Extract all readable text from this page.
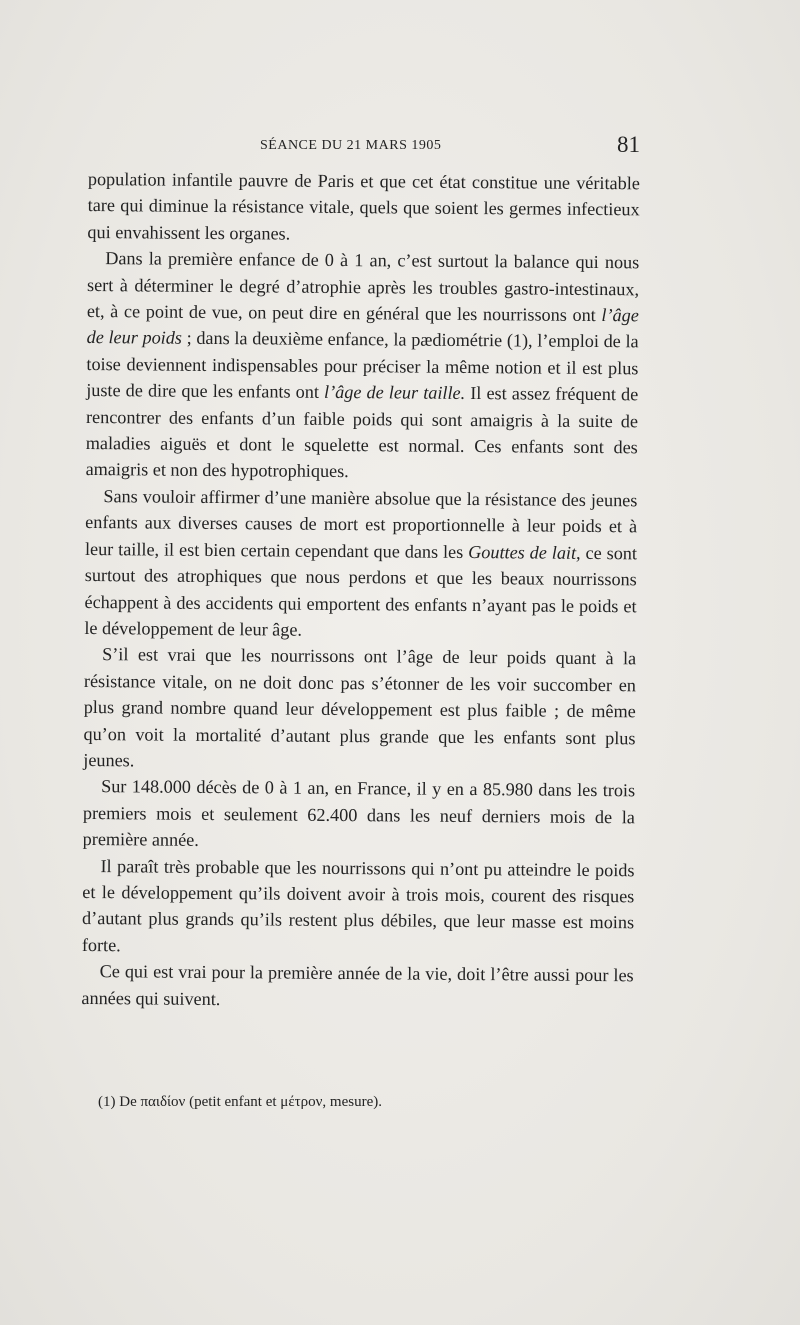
SÉANCE DU 21 MARS 1905	81

population infantile pauvre de Paris et que cet état constitue une véritable tare qui diminue la résistance vitale, quels que soient les germes infectieux qui envahissent les organes.

Dans la première enfance de 0 à 1 an, c’est surtout la balance qui nous sert à déterminer le degré d’atrophie après les troubles gastro-intestinaux, et, à ce point de vue, on peut dire en général que les nourrissons ont l’âge de leur poids ; dans la deuxième enfance, la pædiométrie (1), l’emploi de la toise deviennent indispensables pour préciser la même notion et il est plus juste de dire que les enfants ont l’âge de leur taille. Il est assez fréquent de rencontrer des enfants d’un faible poids qui sont amaigris à la suite de maladies aiguës et dont le squelette est normal. Ces enfants sont des amaigris et non des hypotrophiques.

Sans vouloir affirmer d’une manière absolue que la résistance des jeunes enfants aux diverses causes de mort est proportionnelle à leur poids et à leur taille, il est bien certain cependant que dans les Gouttes de lait, ce sont surtout des atrophiques que nous perdons et que les beaux nourrissons échappent à des accidents qui emportent des enfants n’ayant pas le poids et le développement de leur âge.

S’il est vrai que les nourrissons ont l’âge de leur poids quant à la résistance vitale, on ne doit donc pas s’étonner de les voir succomber en plus grand nombre quand leur développement est plus faible ; de même qu’on voit la mortalité d’autant plus grande que les enfants sont plus jeunes.

Sur 148.000 décès de 0 à 1 an, en France, il y en a 85.980 dans les trois premiers mois et seulement 62.400 dans les neuf derniers mois de la première année.

Il paraît très probable que les nourrissons qui n’ont pu atteindre le poids et le développement qu’ils doivent avoir à trois mois, courent des risques d’autant plus grands qu’ils restent plus débiles, que leur masse est moins forte.

Ce qui est vrai pour la première année de la vie, doit l’être aussi pour les années qui suivent.

(1) De παιδίον (petit enfant et μέτρον, mesure).
